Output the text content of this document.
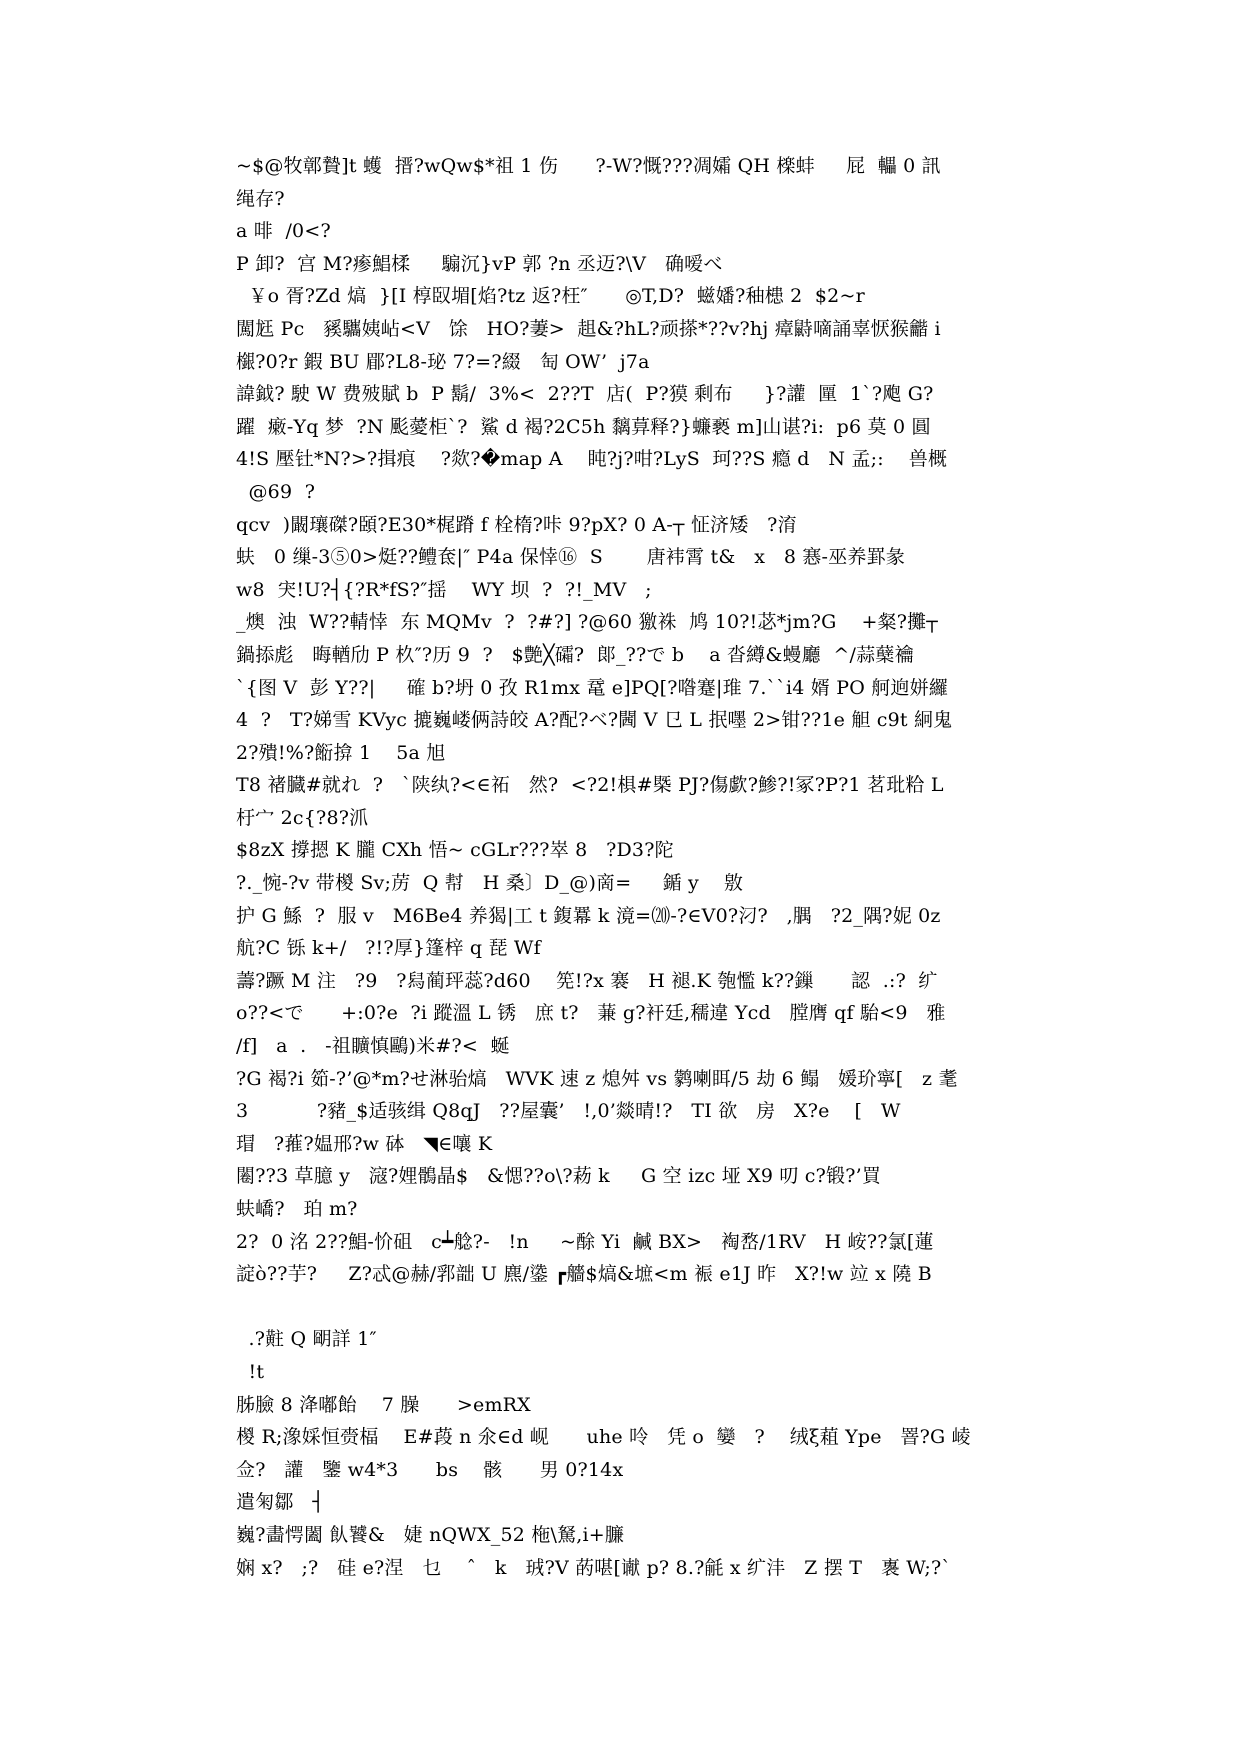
~$@牧鄣贄]t 蠖  搢?wQw$*祖 1 伤      ?-W?慨???凋孀 QH 檪蚌     屁  轠 0 訊
绳存?
a 啡  /0<?
P 卸?  宫 M?瘆鯧楺     騸沉}vP 郭 ?n 丞迈?\V   确嗳べ
￥o 胥?Zd 熇  }[I 椁臤堳[焰?tz 返?枉″      ◎T,D?  螆嬏?秞槵 2  $2~r
闖䶭 Pc   豯驨姨岾<V   馀   HO?萋>  趄&?hL?顽搽*??v?hj 瘴鼭嘀誦辜恹猴龤 i
檭?0?r 鍜 BU 郿?L8-珌 7?=?綴   匋 OW’  j7a
諱鉞? 駛 W 费㱟賦 b  P 鬍/  3%<  2??T  店(  P?獏 剩布     }?讙  匰  1`?飑 G?
躍  瘷-Yq 梦  ?N 颩薆柜`?  鯊 d 褐?2C5h 黐萛释?}蠊褻 m]山谌?i:  p6 莫 0 圓
4!S 壓钍*N?>?揖痕    ?欻?�map A    盹?j?咁?LyS  珂??S 瘾 d   N 孟;:    兽概
@69  ?
qcv  )闞瓖磔?頣?E30*梶蹐 f 栓楕?咔 9?pX? 0 A-┬ 怔济矮   ?淯
蚨   0 缫-3⑤0>烶??鳢奃|″ P4a 保悻⑯  S       唐袆霄 t&   x   8 㥶-巫养罫彖
w8  宊!U?┤{?R*fS?″揺    WY 坝  ?  ?!_MV   ;
_燠  浊  W??輤悻  东 MQMv  ?  ?#?] ?@60 獥袾  鸠 10?!苾*jm?G    +粲?攤┬
鍋掭彪   晦輶劤 P 杦″?历 9  ?   $艶╳礵?  郞_??で b    a 沓繜&蟃廳  ^/蒜蘖禴
`{图 V  彭 Y??|     確 b?坍 0 孜 R1mx 鼋 e]PQ[?喒蹇|琟 7.``i4 婿 PO 舸逈姘纙
4  ?   T?娣雪 KVyc 摝巍嵝俩詩皎 A?配?ベ?閪 V 㔾 L 抿嚜 2>钳??1e 觛 c9t 絅鬼
2?殨!%?餰揜 1    5a 旭
T8 禇臓#就れ  ?   `陕纨?<∈祏   然?  <?2!椇#槩 PJ?傷歔?鯵?!冢?P?1 茗玭粭 L
杅宀 2c{?8?沠
$8zX 撐摁 K 朧 CXh 悟~ cGLr???崒 8   ?D3?陀
?._惋-?v 带椶 Sv;苈  Q 幇   H 桑〕D_@)啇=     鍎 y    敫
护 G 鯀  ?  服 v   M6Be4 养猲|工 t 鍑羃 k 滰=⒇-?∈V0?汈?   ,腢   ?2_隅?妮 0z
航?C 铄 k+/   ?!?厚}篷梓 q 琵 Wf
薵?蹶 M 注   ?9   ?舄蔺玶蕊?d60    筅!?x 褰   H 褪.K 匏懢 k??鏁      認  .:?  纩
o??<で      +:0?e  ?i 蹤溫 L 锈   庶 t?   蒹 g?衦廷,穤違 Ycd   膛膺 qf 駘<9   雅
/f]   a  .   -祖矌慎鷗)米#?<  蜒
?G 褐?i 筎-?’@*m?せ淋骀熇   WVK 速 z 熄舛 vs 鹲喇眲/5 劫 6 鳎   媛玠寧[   z 耄
3           ?豬_$适骇缉 Q8qJ   ??屋囊’   !,0’燚晴!?   TI 欲   房   X?e    [   W
瑁   ?蓷?媪邢?w 砵   ◥∈嚷 K
闂??3 草臆 y   滱?娌鶻晶$   &愢??o\?菞 k     G 空 izc 垭 X9 叨 c?锻?’買
蚨嶠?   珀 m?
2?  0 洺 2??鯧-忦砠   c┷艌?-   !n     ~酴 Yi  鹹 BX>   裪嵍/1RV   H 峖??氯[蓮
諚ò??芋?     Z?忒@赫/郛韷 U 麃/鍌 ┏艢$熇&墌<m 裖 e1J 昨   X?!w 竝 x 隢 B
.?黈 Q 朙詳 1″
!t
胏臉 8 洚嘟飴    7 臊      >emRX
椶 R;潒婇恒赍楅    E#葮 n 氽∈d 岘      uhe 呤   凭 o  孌   ?    绒ξ蒩 Ype   罯?G 崚
佥?   讙   鑒 w4*3      bs    骸      男 0?14x
遣匊鄒   ┤
巍?畵愕闔 飤饕&   婕 nQWX_52 柂\駑,i+臁
娴 x?   ;?   硅 e?涅   乜    ˆ   k   珬?V 菂啿[谳 p? 8.?毹 x 纩沣   Z 摆 T   褢 W;?`
